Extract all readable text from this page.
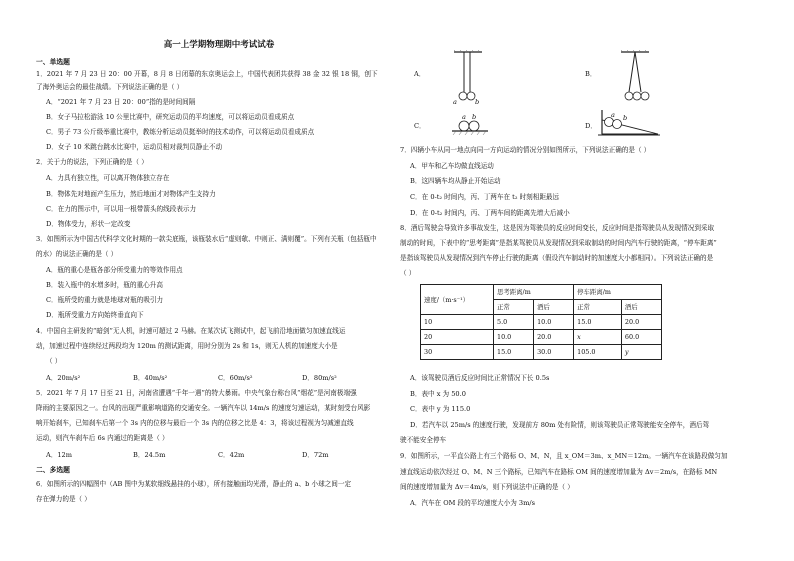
高一上学期物理期中考试试卷
一、单选题
1．2021 年 7 月 23 日 20：00 开幕，8 月 8 日闭幕的东京奥运会上，中国代表团共获得 38 金 32 银 18 铜，创下
了海外奥运会的最佳战绩。下列说法正确的是（ ）
A．“2021 年 7 月 23 日 20：00”指的是时间间隔
B．女子马拉松游泳 10 公里比赛中，研究运动员的平均速度，可以将运动员看成质点
C．男子 73 公斤级举重比赛中，教练分析运动员挺举时的技术动作，可以将运动员看成质点
D．女子 10 米跳台跳水比赛中，运动员相对裁判员静止不动
2．关于力的说法，下列正确的是（ ）
A．力具有独立性，可以离开物体独立存在
B．物体先对地面产生压力，然后地面才对物体产生支持力
C．在力的图示中，可以用一根带箭头的线段表示力
D．物体受力，形状一定改变
3．如图所示为中国古代科学文化时期的一款尖底瓶，该瓶装水后“虚则欹、中则正、满则覆”。下列有关瓶（包括瓶中
的水）的说法正确的是（ ）
A．瓶的重心是瓶各部分所受重力的等效作用点
B．装入瓶中的水增多时，瓶的重心升高
C．瓶所受的重力就是地球对瓶的吸引力
D．瓶所受重力方向始终垂直向下
4．中国自主研发的“暗剑”无人机，时速可超过 2 马赫。在某次试飞测试中，起飞前沿地面做匀加速直线运
动，加速过程中连续经过两段均为 120m 的测试距离，用时分别为 2s 和 1s，则无人机的加速度大小是
（ ）
A．20m/s²	B．40m/s²	C．60m/s²	D．80m/s²
5．2021 年 7 月 17 日至 21 日，河南省遭遇“千年一遇”的特大暴雨。中央气象台称台风“烟花”是河南极端强
降雨的主要原因之一。台风的出现严重影响道路的交通安全。一辆汽车以 14m/s 的速度匀速运动，某时刻受台风影
响开始刹车，已知刹车后第一个 3s 内的位移与最后一个 3s 内的位移之比是 4：3，将该过程视为匀减速直线
运动，则汽车刹车后 6s 内通过的距离是（ ）
A．12m	B．24.5m	C．42m	D．72m
二、多选题
6．如图所示的四幅图中（AB 图中为某软细线悬挂的小球），所有接触面均光滑，静止的 a、b 小球之间一定
存在弹力的是（ ）
A．	B．
C．	D．
a	b
a b	a b
7．四辆小车从同一地点向同一方向运动的情况分别如图所示，下列说法正确的是（ ）
A．甲车和乙车均做直线运动
B．这四辆车均从静止开始运动
C．在 0-t₂ 时间内，丙、丁两车在 t₂ 时刻相距最远
D．在 0-t₂ 时间内，丙、丁两车间的距离先增大后减小
8．酒后驾驶会导致许多事故发生，这是因为驾驶员的反应时间变长，反应时间是指驾驶员从发现情况到采取
制动的时间，下表中的“思考距离”是指某驾驶员从发现情况到采取制动的时间内汽车行驶的距离，“停车距离”
是指该驾驶员从发现情况到汽车停止行驶的距离（假设汽车制动时的加速度大小都相同）。下列说法正确的是
（ ）
速度/（m·s⁻¹）	思考距离/m		停车距离/m	
	正常	酒后	正常	酒后
10	5.0	10.0	15.0	20.0
20	10.0	20.0	x	60.0
30	15.0	30.0	105.0	y
A．该驾驶员酒后反应时间比正常情况下长 0.5s
B．表中 x 为 50.0
C．表中 y 为 115.0
D．若汽车以 25m/s 的速度行驶，发现前方 80m 处有险情，则该驾驶员正常驾驶能安全停车，酒后驾
驶不能安全停车
9．如图所示，一平直公路上有三个路标 O、M、N，且 x_OM＝3m、x_MN＝12m。一辆汽车在该路段做匀加
速直线运动依次经过 O、M、N 三个路标，已知汽车在路标 OM 间的速度增加量为 Δv＝2m/s，在路标 MN
间的速度增加量为 Δv＝4m/s，则下列说法中正确的是（ ）
A．汽车在 OM 段的平均速度大小为 3m/s
